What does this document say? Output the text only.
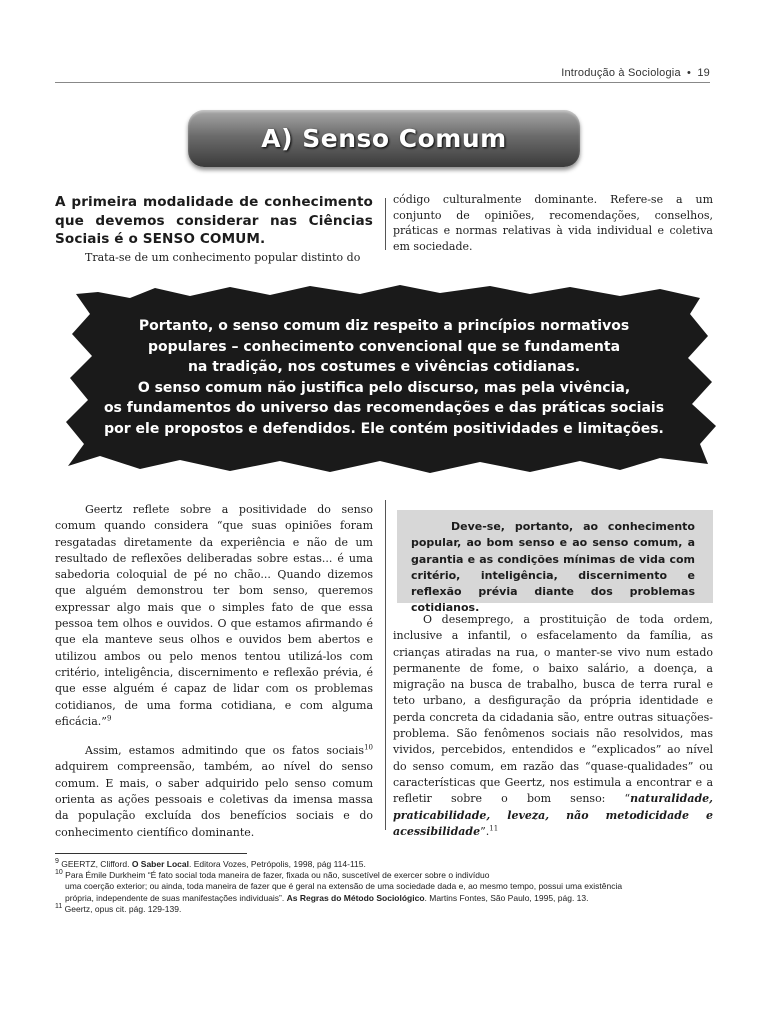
Introdução à Sociologia • 19
A) Senso Comum
A primeira modalidade de conhecimento que devemos considerar nas Ciências Sociais é o SENSO COMUM.
Trata-se de um conhecimento popular distinto do
código culturalmente dominante. Refere-se a um conjunto de opiniões, recomendações, conselhos, práticas e normas relativas à vida individual e coletiva em sociedade.
Portanto, o senso comum diz respeito a princípios normativos
populares – conhecimento convencional que se fundamenta
na tradição, nos costumes e vivências cotidianas.
O senso comum não justifica pelo discurso, mas pela vivência,
os fundamentos do universo das recomendações e das práticas sociais
por ele propostos e defendidos. Ele contém positividades e limitações.

Geertz reflete sobre a positividade do senso comum quando considera “que suas opiniões foram resgatadas diretamente da experiência e não de um resultado de reflexões deliberadas sobre estas... é uma sabedoria coloquial de pé no chão... Quando dizemos que alguém demonstrou ter bom senso, queremos expressar algo mais que o simples fato de que essa pessoa tem olhos e ouvidos. O que estamos afirmando é que ela manteve seus olhos e ouvidos bem abertos e utilizou ambos ou pelo menos tentou utilizá-los com critério, inteligência, discernimento e reflexão prévia, é que esse alguém é capaz de lidar com os problemas cotidianos, de uma forma cotidiana, e com alguma eficácia.”$^9$

Assim, estamos admitindo que os fatos sociais$^{10}$ adquirem compreensão, também, ao nível do senso comum. E mais, o saber adquirido pelo senso comum orienta as ações pessoais e coletivas da imensa massa da população excluída dos benefícios sociais e do conhecimento científico dominante.

Deve-se, portanto, ao conhecimento popular, ao bom senso e ao senso comum, a garantia e as condições mínimas de vida com critério, inteligência, discernimento e reflexão prévia diante dos problemas cotidianos.

O desemprego, a prostituição de toda ordem, inclusive a infantil, o esfacelamento da família, as crianças atiradas na rua, o manter-se vivo num estado permanente de fome, o baixo salário, a doença, a migração na busca de trabalho, busca de terra rural e teto urbano, a desfiguração da própria identidade e perda concreta da cidadania são, entre outras situações-problema. São fenômenos sociais não resolvidos, mas vividos, percebidos, entendidos e “explicados” ao nível do senso comum, em razão das “quase-qualidades” ou características que Geertz, nos estimula a encontrar e a refletir sobre o bom senso: “naturalidade, praticabilidade, leveza, não metodicidade e acessibilidade”.$^{11}$
$^9$ GEERTZ, Clifford. O Saber Local. Editora Vozes, Petrópolis, 1998, pág 114-115.
$^{10}$ Para Émile Durkheim “É fato social toda maneira de fazer, fixada ou não, suscetível de exercer sobre o indivíduo
uma coerção exterior; ou ainda, toda maneira de fazer que é geral na extensão de uma sociedade dada e, ao mesmo tempo, possui uma existência
própria, independente de suas manifestações individuais”. As Regras do Método Sociológico. Martins Fontes, São Paulo, 1995, pág. 13.
$^{11}$ Geertz, opus cit. pág. 129-139.
